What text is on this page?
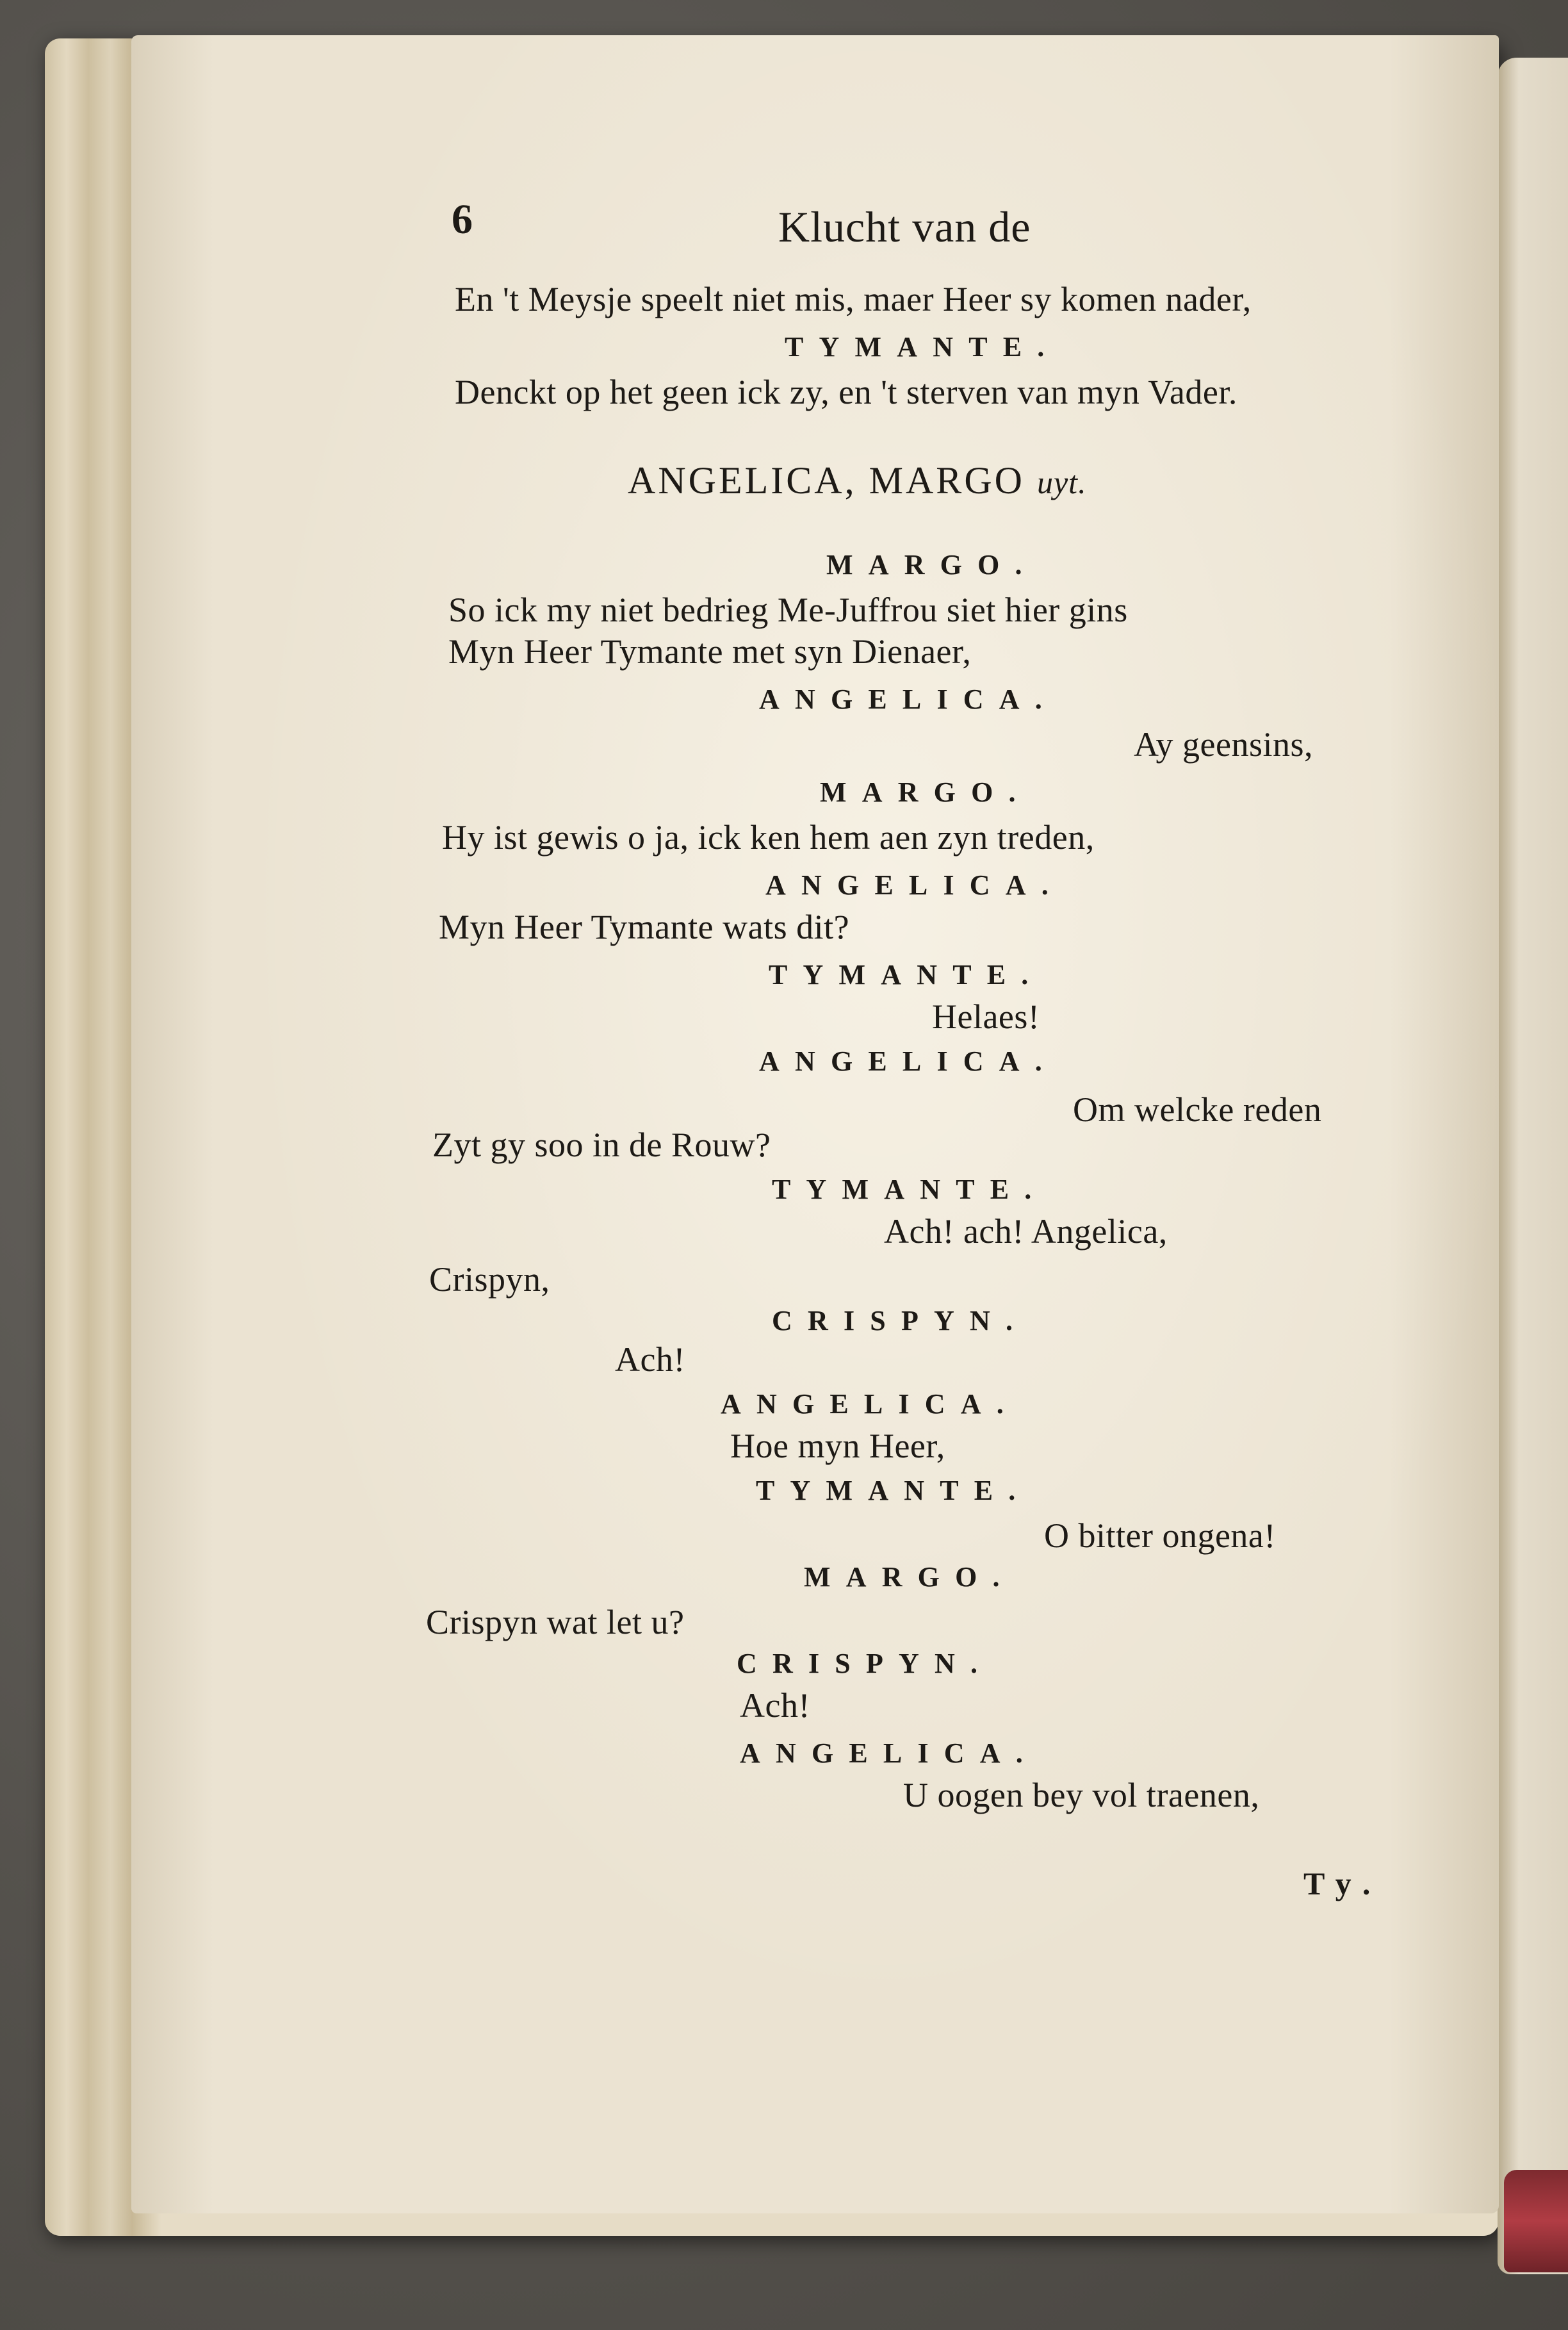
6	Klucht van de
En 't Meysje speelt niet mis, maer Heer sy komen nader,
TYMANTE.
Denckt op het geen ick zy, en 't sterven van myn Vader.
ANGELICA, MARGO uyt.
MARGO.
So ick my niet bedrieg Me-Juffrou siet hier gins
Myn Heer Tymante met syn Dienaer,
ANGELICA.
Ay geensins,
MARGO.
Hy ist gewis o ja, ick ken hem aen zyn treden,
ANGELICA.
Myn Heer Tymante wats dit?
TYMANTE.
Helaes!
ANGELICA.
Om welcke reden
Zyt gy soo in de Rouw?
TYMANTE.
Ach! ach! Angelica,
Crispyn,
CRISPYN.
Ach!
ANGELICA.
Hoe myn Heer,
TYMANTE.
O bitter ongena!
MARGO.
Crispyn wat let u?
CRISPYN.
Ach!
ANGELICA.
U oogen bey vol traenen,
Ty.
